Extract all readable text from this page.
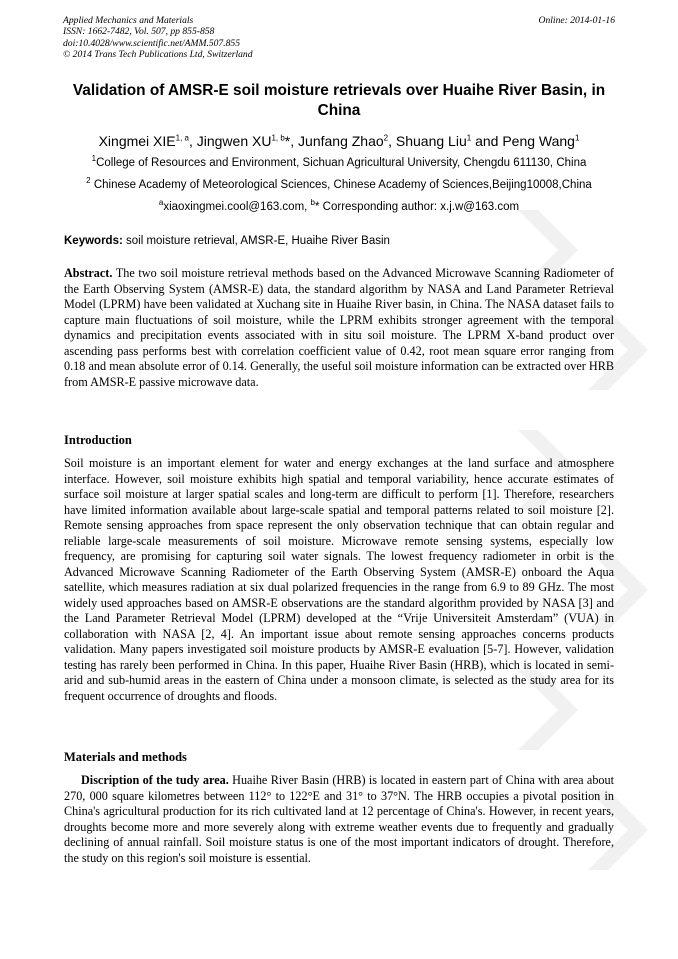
Applied Mechanics and Materials
ISSN: 1662-7482, Vol. 507, pp 855-858
doi:10.4028/www.scientific.net/AMM.507.855
© 2014 Trans Tech Publications Ltd, Switzerland
Online: 2014-01-16
Validation of AMSR-E soil moisture retrievals over Huaihe River Basin, in China
Xingmei XIE$^{1, a}$, Jingwen XU$^{1, b}$*, Junfang Zhao$^2$, Shuang Liu$^1$ and Peng Wang$^1$
$^1$College of Resources and Environment, Sichuan Agricultural University, Chengdu 611130, China
$^2$ Chinese Academy of Meteorological Sciences, Chinese Academy of Sciences,Beijing10008,China
$^a$xiaoxingmei.cool@163.com, $^b$* Corresponding author: x.j.w@163.com
Keywords: soil moisture retrieval, AMSR-E, Huaihe River Basin
Abstract. The two soil moisture retrieval methods based on the Advanced Microwave Scanning Radiometer of the Earth Observing System (AMSR-E) data, the standard algorithm by NASA and Land Parameter Retrieval Model (LPRM) have been validated at Xuchang site in Huaihe River basin, in China. The NASA dataset fails to capture main fluctuations of soil moisture, while the LPRM exhibits stronger agreement with the temporal dynamics and precipitation events associated with in situ soil moisture. The LPRM X-band product over ascending pass performs best with correlation coefficient value of 0.42, root mean square error ranging from 0.18 and mean absolute error of 0.14. Generally, the useful soil moisture information can be extracted over HRB from AMSR-E passive microwave data.
Introduction
Soil moisture is an important element for water and energy exchanges at the land surface and atmosphere interface. However, soil moisture exhibits high spatial and temporal variability, hence accurate estimates of surface soil moisture at larger spatial scales and long-term are difficult to perform [1]. Therefore, researchers have limited information available about large-scale spatial and temporal patterns related to soil moisture [2]. Remote sensing approaches from space represent the only observation technique that can obtain regular and reliable large-scale measurements of soil moisture. Microwave remote sensing systems, especially low frequency, are promising for capturing soil water signals. The lowest frequency radiometer in orbit is the Advanced Microwave Scanning Radiometer of the Earth Observing System (AMSR-E) onboard the Aqua satellite, which measures radiation at six dual polarized frequencies in the range from 6.9 to 89 GHz. The most widely used approaches based on AMSR-E observations are the standard algorithm provided by NASA [3] and the Land Parameter Retrieval Model (LPRM) developed at the “Vrije Universiteit Amsterdam” (VUA) in collaboration with NASA [2, 4]. An important issue about remote sensing approaches concerns products validation. Many papers investigated soil moisture products by AMSR-E evaluation [5-7]. However, validation testing has rarely been performed in China. In this paper, Huaihe River Basin (HRB), which is located in semi-arid and sub-humid areas in the eastern of China under a monsoon climate, is selected as the study area for its frequent occurrence of droughts and floods.
Materials and methods
Discription of the tudy area. Huaihe River Basin (HRB) is located in eastern part of China with area about 270, 000 square kilometres between 112° to 122°E and 31° to 37°N. The HRB occupies a pivotal position in China's agricultural production for its rich cultivated land at 12 percentage of China's. However, in recent years, droughts become more and more severely along with extreme weather events due to frequently and gradually declining of annual rainfall. Soil moisture status is one of the most important indicators of drought. Therefore, the study on this region's soil moisture is essential.
